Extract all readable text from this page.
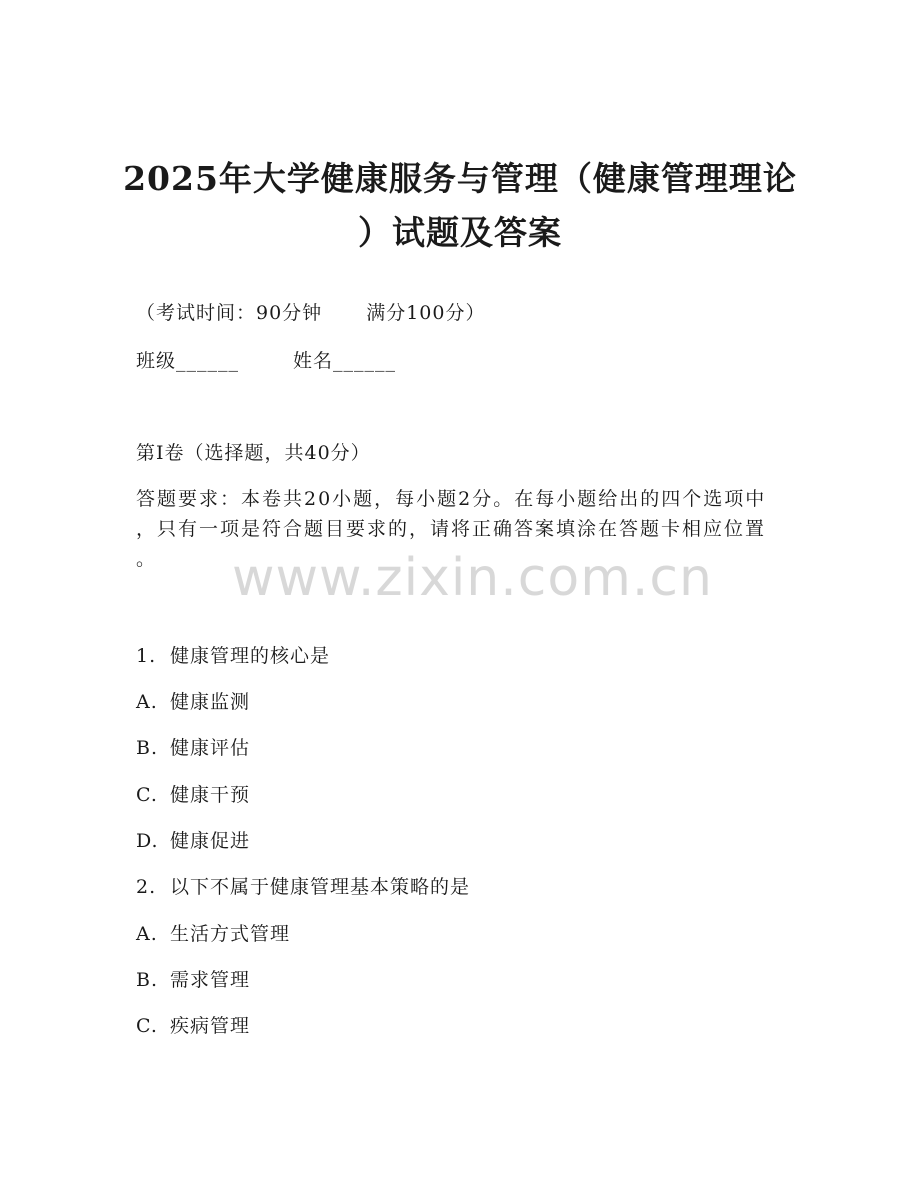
2025年大学健康服务与管理（健康管理理论
）试题及答案
（考试时间：90分钟 满分100分）
班级______	姓名______
第I卷（选择题，共40分）
答题要求：本卷共20小题，每小题2分。在每小题给出的四个选项中
，只有一项是符合题目要求的，请将正确答案填涂在答题卡相应位置
。	www.zixin.com.cn
1. 健康管理的核心是
A. 健康监测
B. 健康评估
C. 健康干预
D. 健康促进
2. 以下不属于健康管理基本策略的是
A. 生活方式管理
B. 需求管理
C. 疾病管理
